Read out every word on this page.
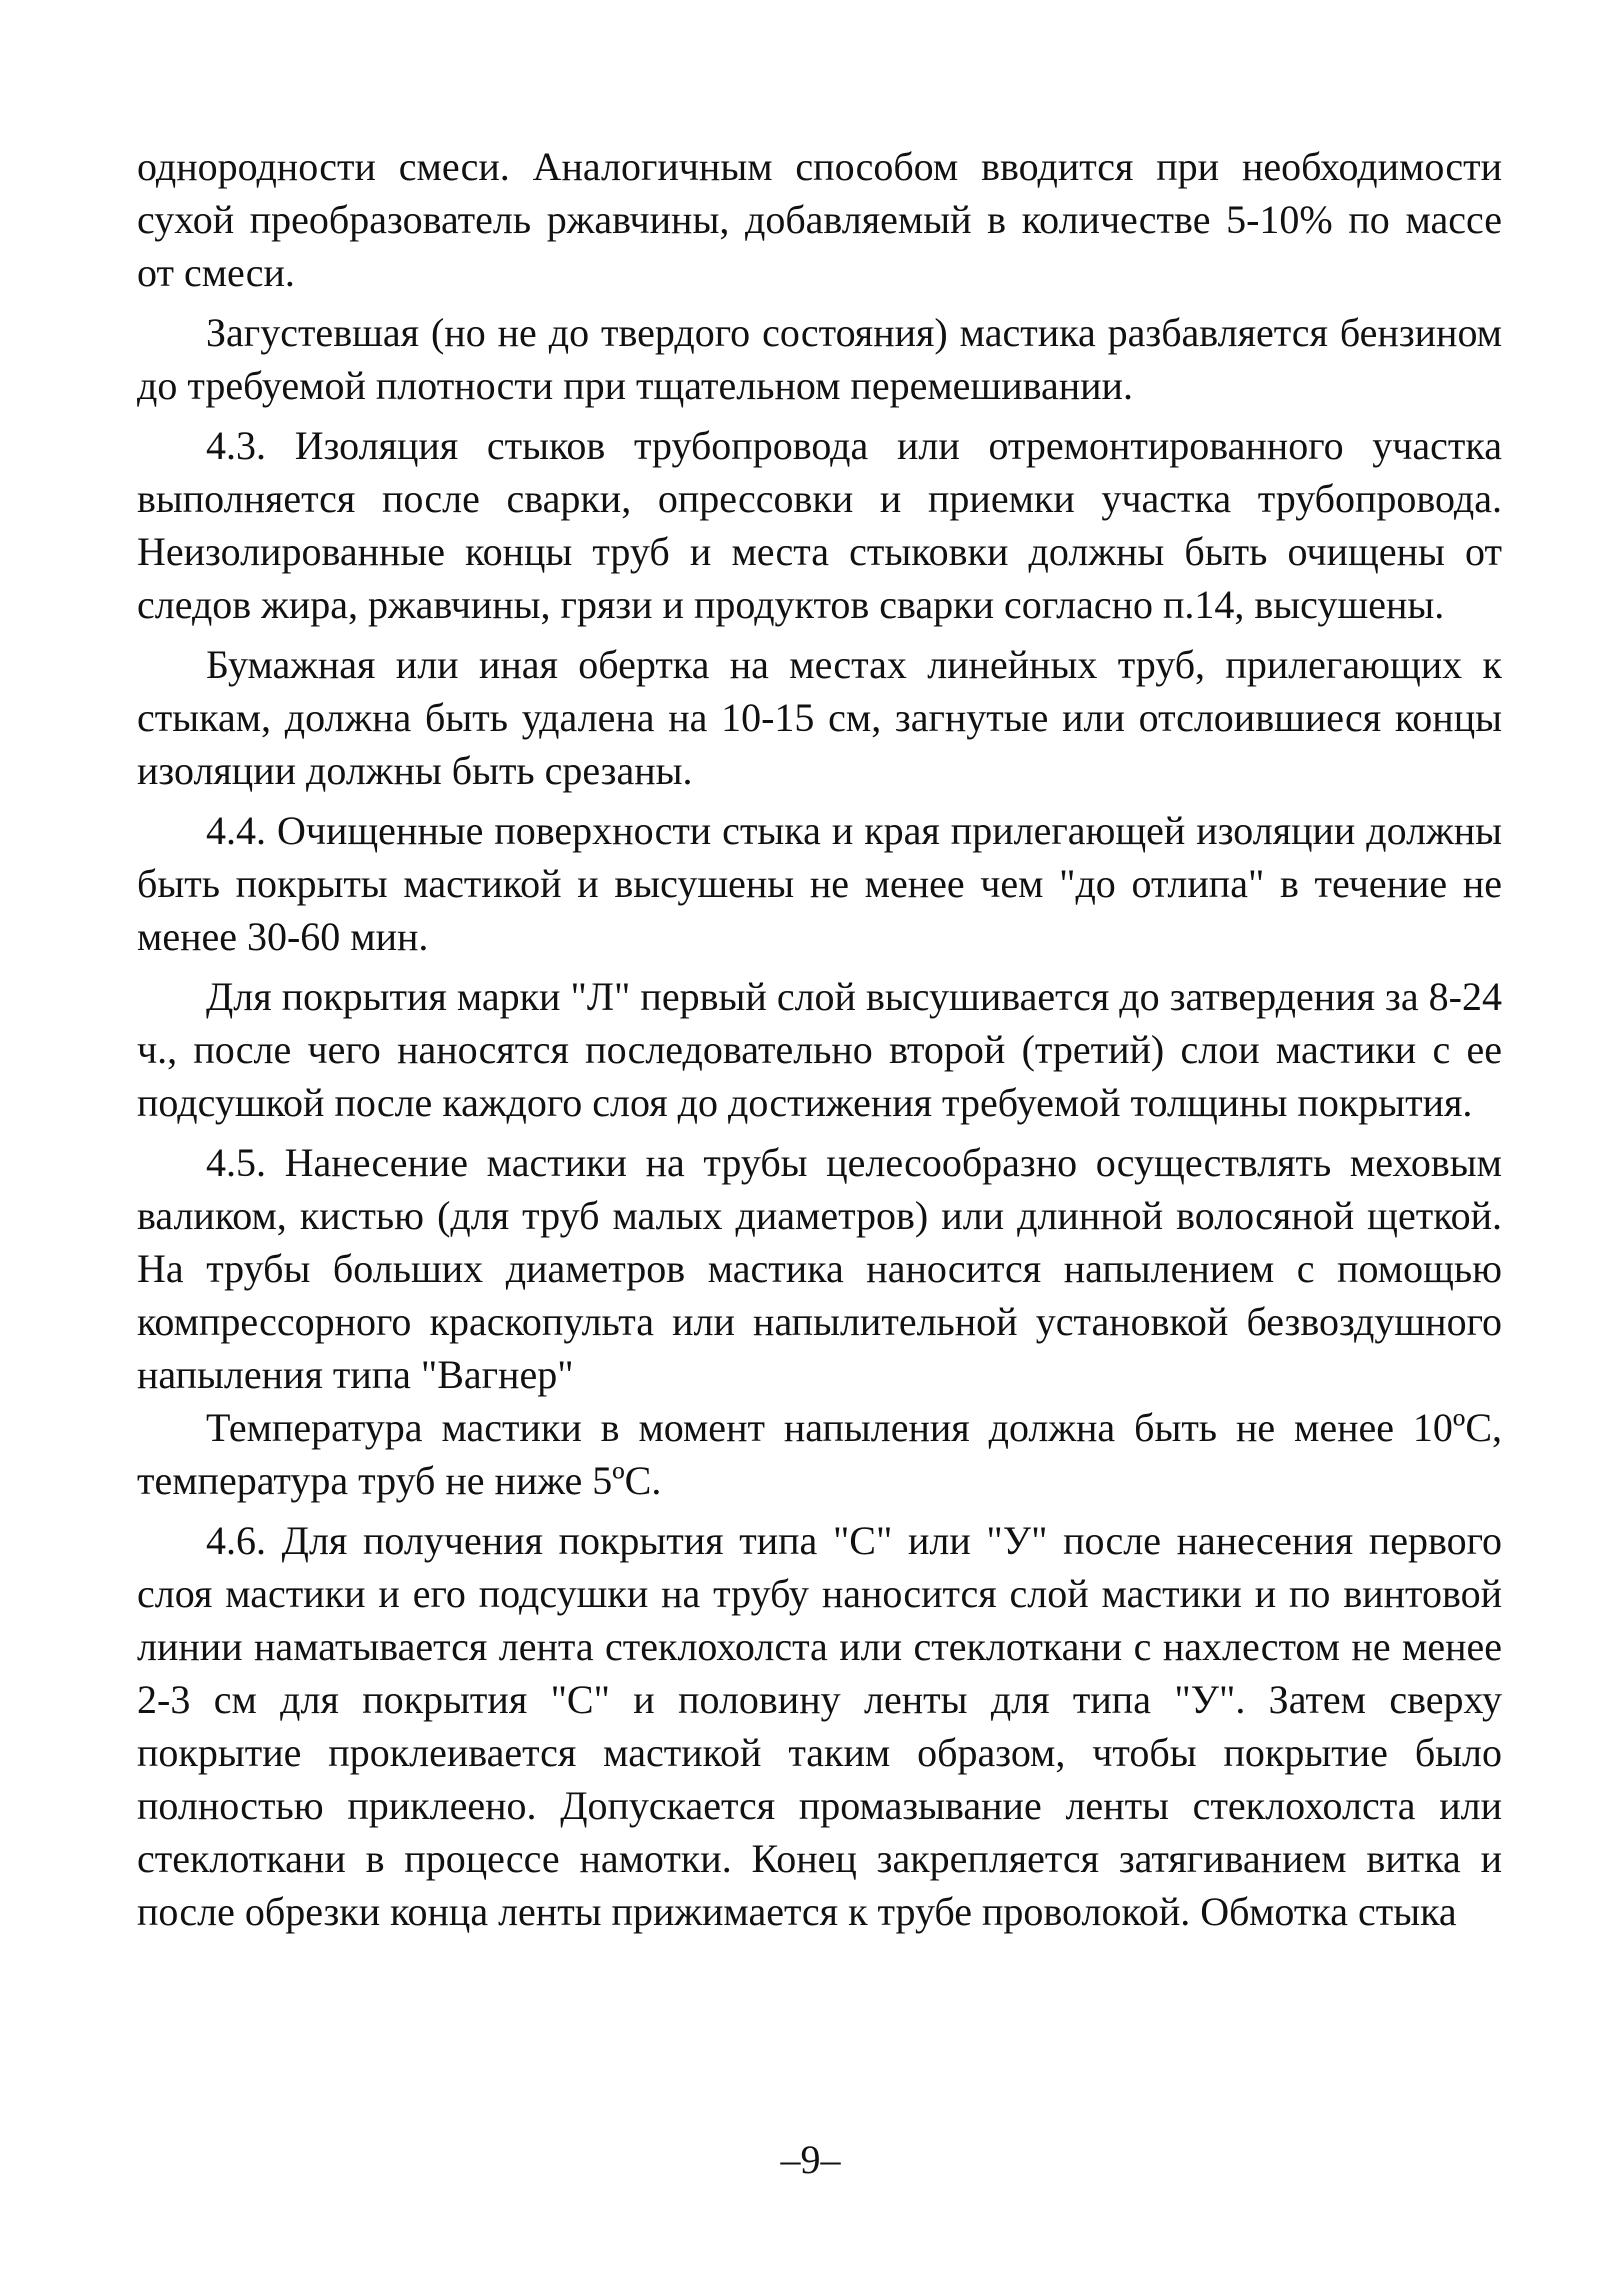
однородности смеси. Аналогичным способом вводится при необходимости сухой преобразователь ржавчины, добавляемый в количестве 5-10% по массе от смеси.

Загустевшая (но не до твердого состояния) мастика разбавляется бензином до требуемой плотности при тщательном перемешивании.

4.3. Изоляция стыков трубопровода или отремонтированного участка выполняется после сварки, опрессовки и приемки участка трубопровода. Неизолированные концы труб и места стыковки должны быть очищены от следов жира, ржавчины, грязи и продуктов сварки согласно п.14, высушены.

Бумажная или иная обертка на местах линейных труб, прилегающих к стыкам, должна быть удалена на 10-15 см, загнутые или отслоившиеся концы изоляции должны быть срезаны.

4.4. Очищенные поверхности стыка и края прилегающей изоляции должны быть покрыты мастикой и высушены не менее чем "до отлипа" в течение не менее 30-60 мин.

Для покрытия марки "Л" первый слой высушивается до затвердения за 8-24 ч., после чего наносятся последовательно второй (третий) слои мастики с ее подсушкой после каждого слоя до достижения требуемой толщины покрытия.

4.5. Нанесение мастики на трубы целесообразно осуществлять меховым валиком, кистью (для труб малых диаметров) или длинной волосяной щеткой. На трубы больших диаметров мастика наносится напылением с помощью компрессорного краскопульта или напылительной установкой безвоздушного напыления типа "Вагнер"

Температура мастики в момент напыления должна быть не менее 10ºС, температура труб не ниже 5ºС.

4.6. Для получения покрытия типа "С" или "У" после нанесения первого слоя мастики и его подсушки на трубу наносится слой мастики и по винтовой линии наматывается лента стеклохолста или стеклоткани с нахлестом не менее 2-3 см для покрытия "С" и половину ленты для типа "У". Затем сверху покрытие проклеивается мастикой таким образом, чтобы покрытие было полностью приклеено. Допускается промазывание ленты стеклохолста или стеклоткани в процессе намотки. Конец закрепляется затягиванием витка и после обрезки конца ленты прижимается к трубе проволокой. Обмотка стыка

–9–
